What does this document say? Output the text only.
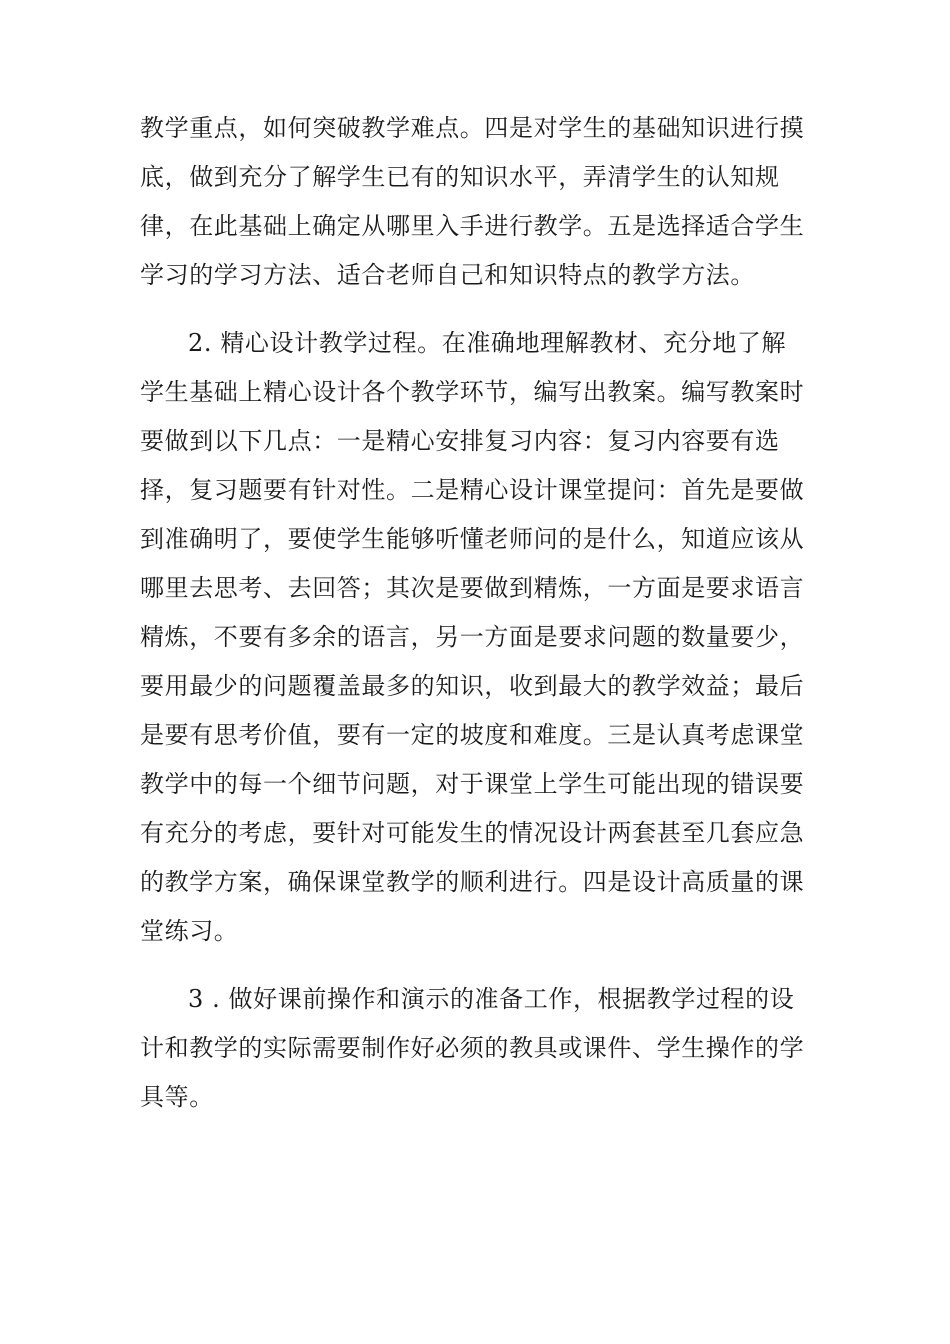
教学重点，如何突破教学难点。四是对学生的基础知识进行摸
底，做到充分了解学生已有的知识水平，弄清学生的认知规
律，在此基础上确定从哪里入手进行教学。五是选择适合学生
学习的学习方法、适合老师自己和知识特点的教学方法。
2. 精心设计教学过程。在准确地理解教材、充分地了解
学生基础上精心设计各个教学环节，编写出教案。编写教案时
要做到以下几点：一是精心安排复习内容：复习内容要有选
择，复习题要有针对性。二是精心设计课堂提问：首先是要做
到准确明了，要使学生能够听懂老师问的是什么，知道应该从
哪里去思考、去回答；其次是要做到精炼，一方面是要求语言
精炼，不要有多余的语言，另一方面是要求问题的数量要少，
要用最少的问题覆盖最多的知识，收到最大的教学效益；最后
是要有思考价值，要有一定的坡度和难度。三是认真考虑课堂
教学中的每一个细节问题，对于课堂上学生可能出现的错误要
有充分的考虑，要针对可能发生的情况设计两套甚至几套应急
的教学方案，确保课堂教学的顺利进行。四是设计高质量的课
堂练习。
3 . 做好课前操作和演示的准备工作，根据教学过程的设
计和教学的实际需要制作好必须的教具或课件、学生操作的学
具等。
